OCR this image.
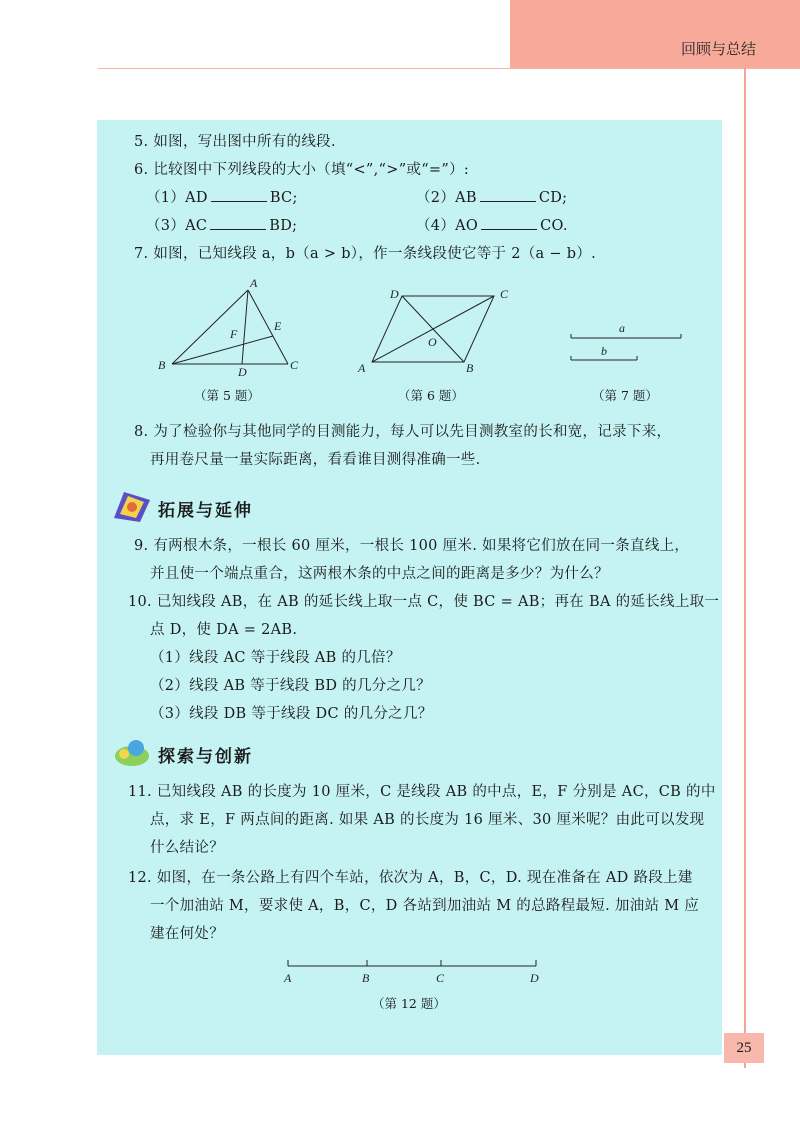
回顾与总结
5. 如图，写出图中所有的线段.
6. 比较图中下列线段的大小（填“<”,“>”或“=”）:
（1）AD	BC;	（2）AB	CD;
（3）AC	BD;	（4）AO	CO.
7. 如图，已知线段 a，b（a > b），作一条线段使它等于 2（a − b）.
A
B	C
D
E
F
（第 5 题）
D	C
A	B
O
（第 6 题）
a
b
（第 7 题）
8. 为了检验你与其他同学的目测能力，每人可以先目测教室的长和宽，记录下来，
再用卷尺量一量实际距离，看看谁目测得准确一些.
拓展与延伸
9. 有两根木条，一根长 60 厘米，一根长 100 厘米. 如果将它们放在同一条直线上，
并且使一个端点重合，这两根木条的中点之间的距离是多少？为什么？
10. 已知线段 AB，在 AB 的延长线上取一点 C，使 BC = AB；再在 BA 的延长线上取一
点 D，使 DA = 2AB.
（1）线段 AC 等于线段 AB 的几倍？
（2）线段 AB 等于线段 BD 的几分之几？
（3）线段 DB 等于线段 DC 的几分之几？
探索与创新
11. 已知线段 AB 的长度为 10 厘米，C 是线段 AB 的中点，E，F 分别是 AC，CB 的中
点，求 E，F 两点间的距离. 如果 AB 的长度为 16 厘米、30 厘米呢？由此可以发现
什么结论？
12. 如图，在一条公路上有四个车站，依次为 A，B，C，D. 现在准备在 AD 路段上建
一个加油站 M，要求使 A，B，C，D 各站到加油站 M 的总路程最短. 加油站 M 应
建在何处？
A	B	C	D
（第 12 题）
25
